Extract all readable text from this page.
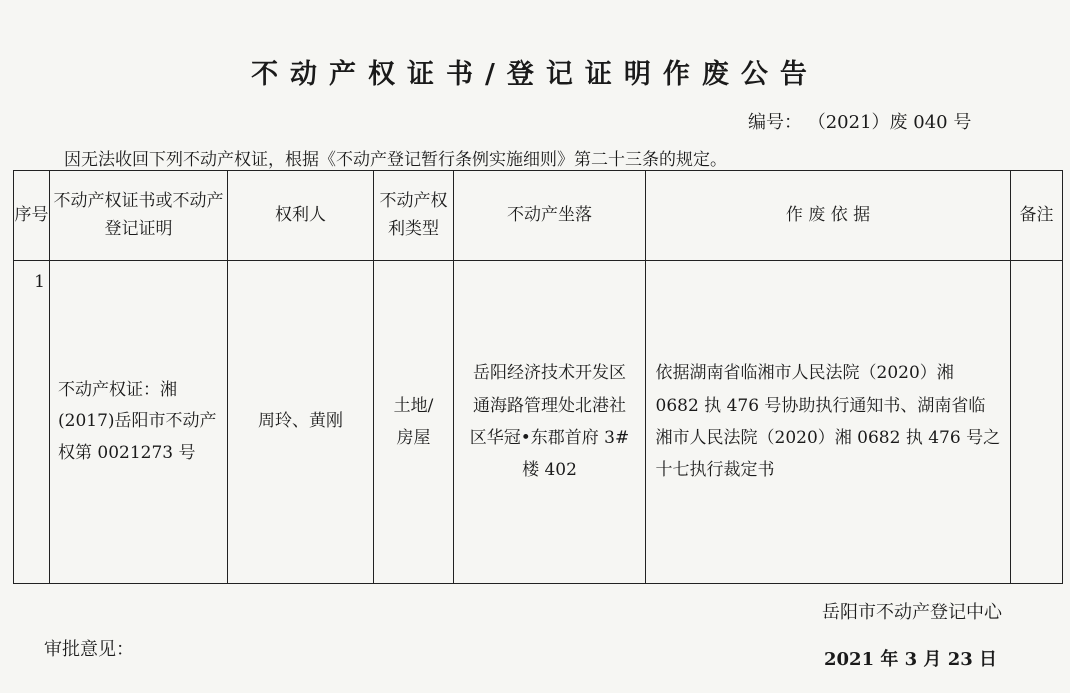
不动产权证书/登记证明作废公告
编号： （2021）废 040 号
因无法收回下列不动产权证，根据《不动产登记暂行条例实施细则》第二十三条的规定。
序号	不动产权证书或不动产登记证明	权利人	不动产权利类型	不动产坐落	作 废 依 据	备注

1	不动产权证：湘(2017)岳阳市不动产权第 0021273 号	周玲、黄刚	土地/房屋	岳阳经济技术开发区通海路管理处北港社区华冠•东郡首府 3#楼 402	依据湖南省临湘市人民法院（2020）湘 0682 执 476 号协助执行通知书、湖南省临湘市人民法院（2020）湘 0682 执 476 号之十七执行裁定书	
岳阳市不动产登记中心
审批意见：	2021 年 3 月 23 日
